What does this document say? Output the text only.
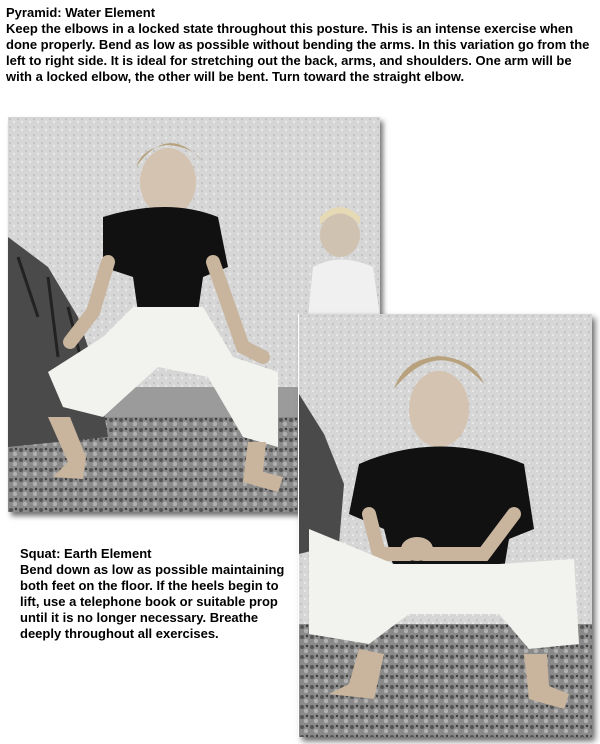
Pyramid: Water Element

Keep the elbows in a locked state throughout this posture. This is an intense exercise when done properly. Bend as low as possible without bending the arms. In this variation go from the left to right side. It is ideal for stretching out the back, arms, and shoulders. One arm will be with a locked elbow, the other will be bent. Turn toward the straight elbow.

Squat: Earth Element

Bend down as low as possible maintaining both feet on the floor. If the heels begin to lift, use a telephone book or suitable prop until it is no longer necessary. Breathe deeply throughout all exercises.
